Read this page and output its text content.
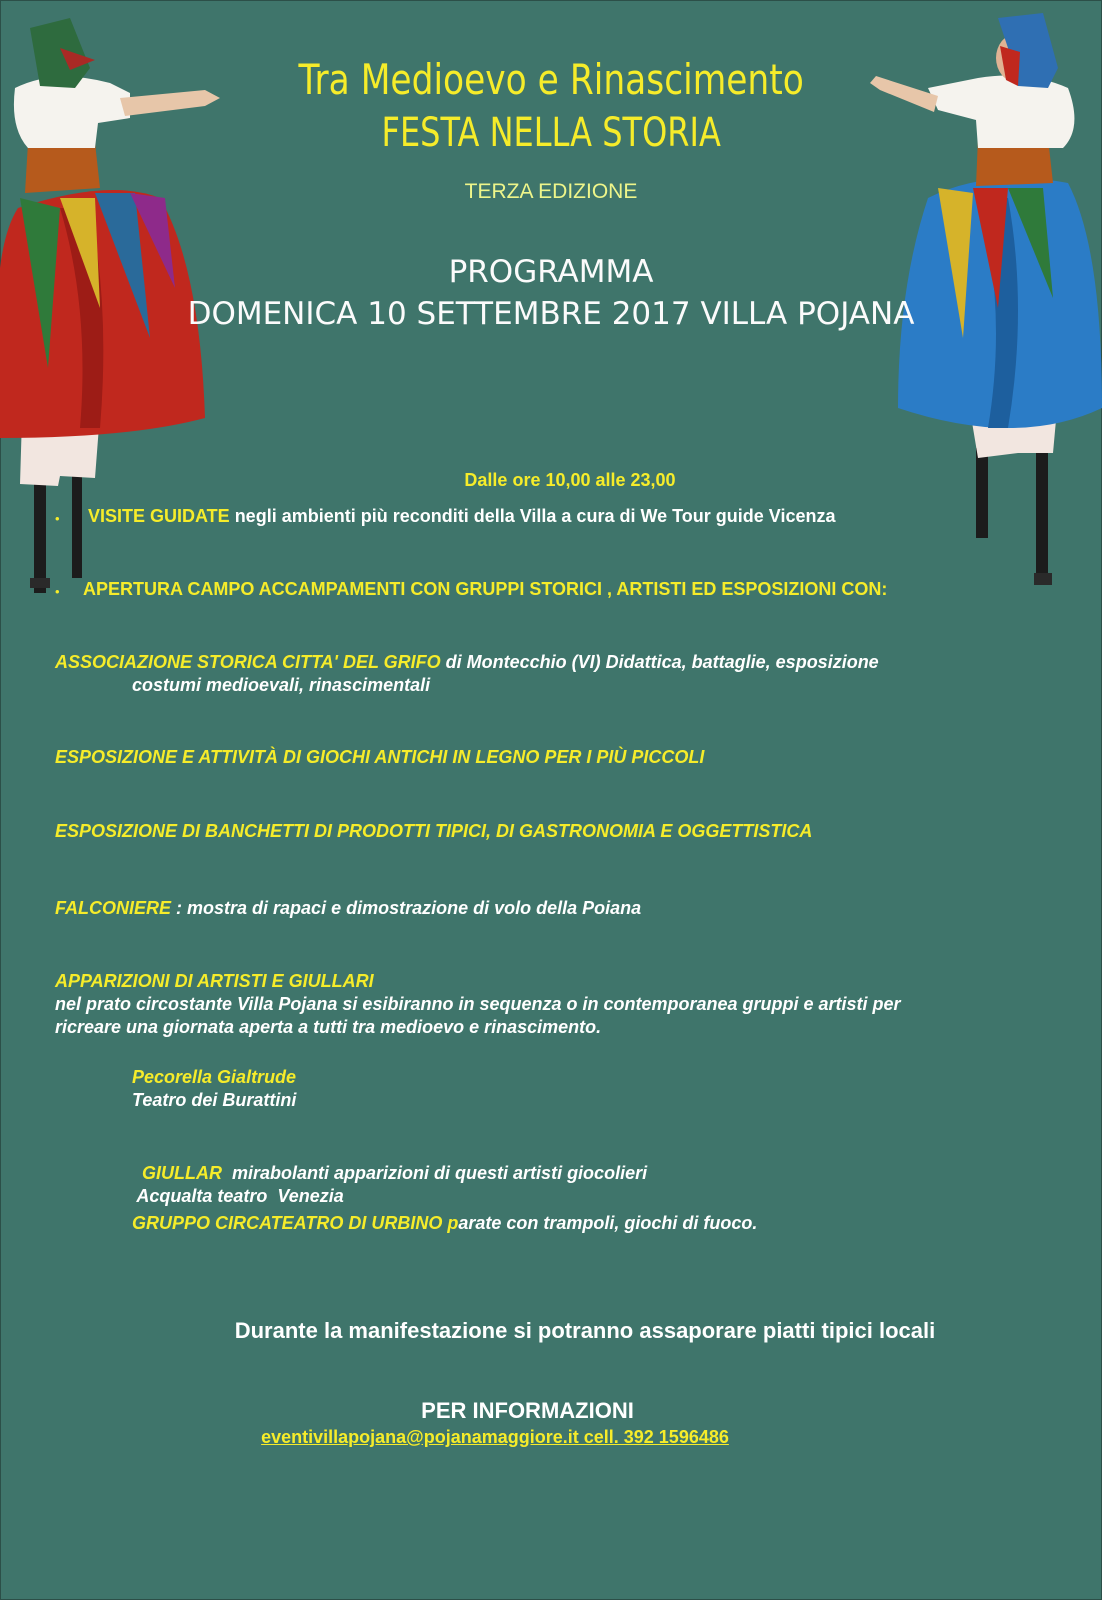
Tra Medioevo e Rinascimento
FESTA NELLA STORIA
TERZA EDIZIONE
PROGRAMMA
DOMENICA 10 SETTEMBRE 2017 VILLA POJANA
Dalle ore 10,00 alle 23,00
• VISITE GUIDATE negli ambienti più reconditi della Villa a cura di We Tour guide Vicenza
• APERTURA CAMPO ACCAMPAMENTI CON GRUPPI STORICI , ARTISTI ED ESPOSIZIONI CON:
ASSOCIAZIONE STORICA CITTA' DEL GRIFO di Montecchio (VI) Didattica, battaglie, esposizione
costumi medioevali, rinascimentali
ESPOSIZIONE E ATTIVITÀ DI GIOCHI ANTICHI IN LEGNO PER I PIÙ PICCOLI
ESPOSIZIONE DI BANCHETTI DI PRODOTTI TIPICI, DI GASTRONOMIA E OGGETTISTICA
FALCONIERE : mostra di rapaci e dimostrazione di volo della Poiana
APPARIZIONI DI ARTISTI E GIULLARI
nel prato circostante Villa Pojana si esibiranno in sequenza o in contemporanea gruppi e artisti per
ricreare una giornata aperta a tutti tra medioevo e rinascimento.
Pecorella Gialtrude
Teatro dei Burattini

GIULLAR  mirabolanti apparizioni di questi artisti giocolieri
Acqualta teatro  Venezia

GRUPPO CIRCATEATRO DI URBINO parate con trampoli, giochi di fuoco.
Durante la manifestazione si potranno assaporare piatti tipici locali
PER INFORMAZIONI
eventivillapojana@pojanamaggiore.it cell. 392 1596486
